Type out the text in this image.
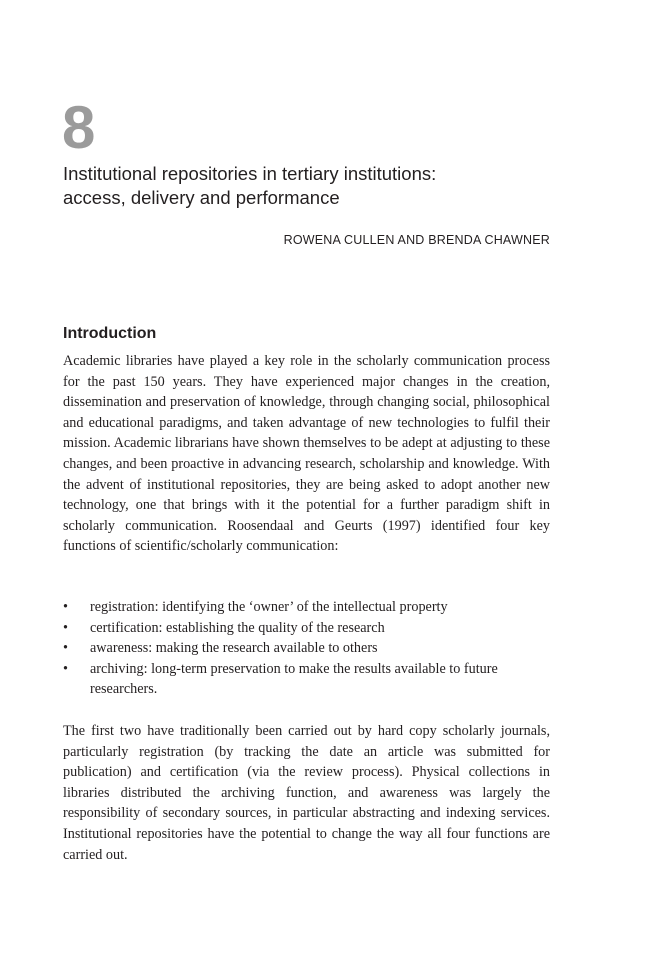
8
Institutional repositories in tertiary institutions:
access, delivery and performance
ROWENA CULLEN AND BRENDA CHAWNER
Introduction
Academic libraries have played a key role in the scholarly communication process for the past 150 years. They have experienced major changes in the creation, dissemination and preservation of knowledge, through changing social, philosophical and educational paradigms, and taken advantage of new technologies to fulfil their mission. Academic librarians have shown themselves to be adept at adjusting to these changes, and been proactive in advancing research, scholarship and knowledge. With the advent of institutional repositories, they are being asked to adopt another new technology, one that brings with it the potential for a further paradigm shift in scholarly communication. Roosendaal and Geurts (1997) identified four key functions of scientific/scholarly communication:
• registration: identifying the ‘owner’ of the intellectual property
• certification: establishing the quality of the research
• awareness: making the research available to others
• archiving: long-term preservation to make the results available to future researchers.
The first two have traditionally been carried out by hard copy scholarly journals, particularly registration (by tracking the date an article was submitted for publication) and certification (via the review process). Physical collections in libraries distributed the archiving function, and awareness was largely the responsibility of secondary sources, in particular abstracting and indexing services. Institutional repositories have the potential to change the way all four functions are carried out.
